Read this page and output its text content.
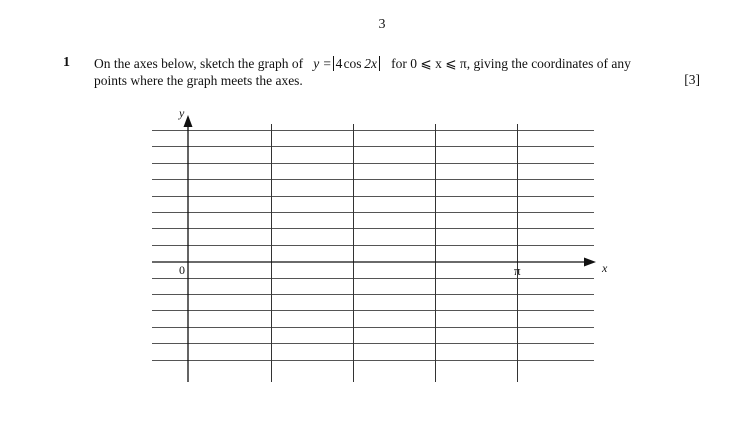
3
1 On the axes below, sketch the graph of y = 4 cos  2x for 0 ⩽ x ⩽ π, giving the coordinates of any
points where the graph meets the axes.	[3]
y
x
0	π
